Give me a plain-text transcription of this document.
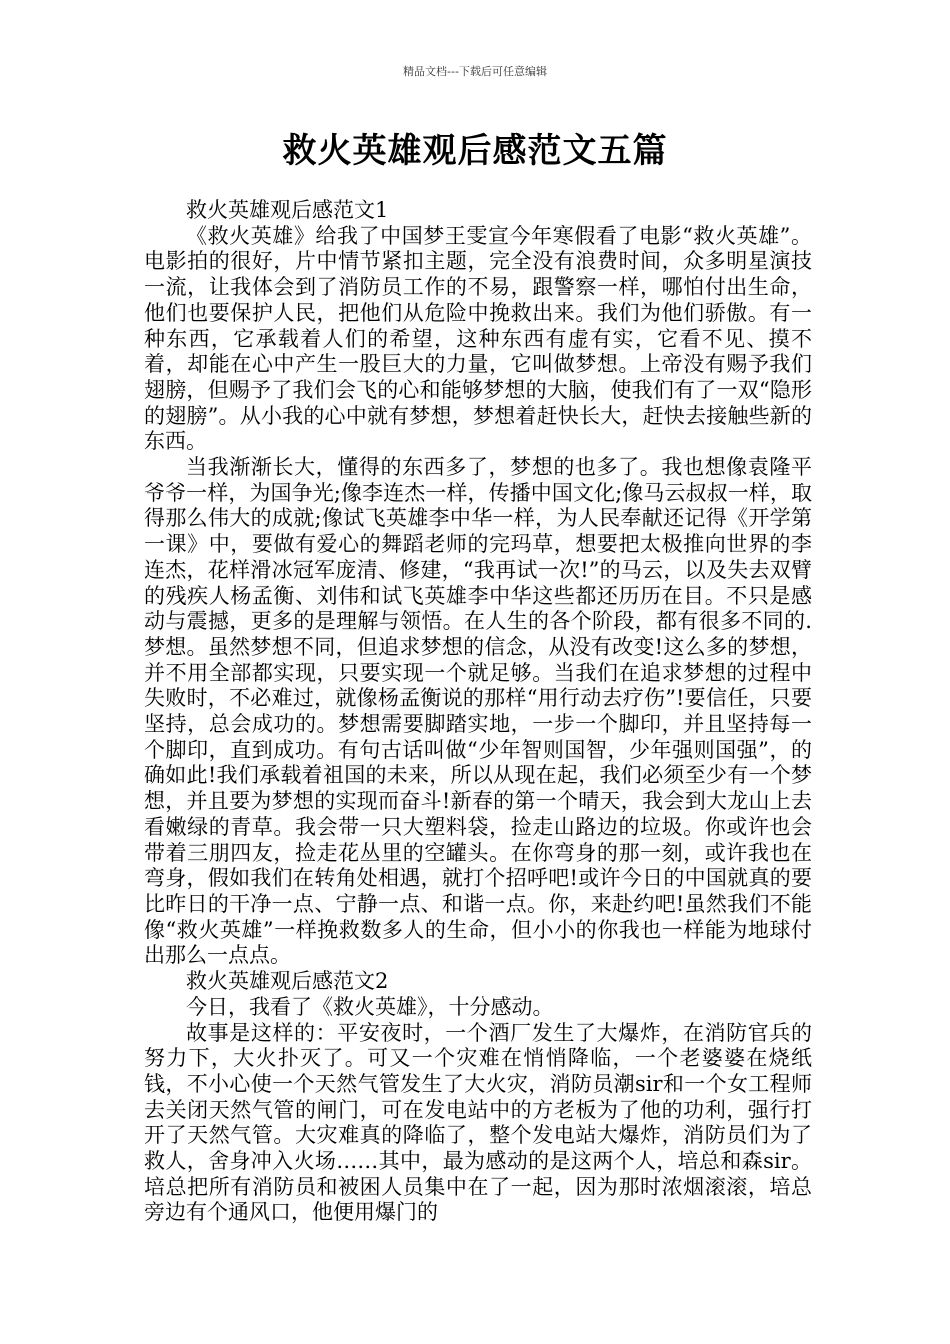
精品文档---下载后可任意编辑
救火英雄观后感范文五篇

救火英雄观后感范文1

《救火英雄》给我了中国梦王雯宣今年寒假看了电影“救火英雄”。电影拍的很好，片中情节紧扣主题，完全没有浪费时间，众多明星演技一流，让我体会到了消防员工作的不易，跟警察一样，哪怕付出生命，他们也要保护人民，把他们从危险中挽救出来。我们为他们骄傲。有一种东西，它承载着人们的希望，这种东西有虚有实，它看不见、摸不着，却能在心中产生一股巨大的力量，它叫做梦想。上帝没有赐予我们翅膀，但赐予了我们会飞的心和能够梦想的大脑，使我们有了一双“隐形的翅膀”。从小我的心中就有梦想，梦想着赶快长大，赶快去接触些新的东西。

当我渐渐长大，懂得的东西多了，梦想的也多了。我也想像袁隆平爷爷一样，为国争光;像李连杰一样，传播中国文化;像马云叔叔一样，取得那么伟大的成就;像试飞英雄李中华一样，为人民奉献还记得《开学第一课》中，要做有爱心的舞蹈老师的完玛草，想要把太极推向世界的李连杰，花样滑冰冠军庞清、修建，“我再试一次!”的马云，以及失去双臂的残疾人杨孟衡、刘伟和试飞英雄李中华这些都还历历在目。不只是感动与震撼，更多的是理解与领悟。在人生的各个阶段，都有很多不同的.梦想。虽然梦想不同，但追求梦想的信念，从没有改变!这么多的梦想，并不用全部都实现，只要实现一个就足够。当我们在追求梦想的过程中失败时，不必难过，就像杨孟衡说的那样“用行动去疗伤”!要信任，只要坚持，总会成功的。梦想需要脚踏实地，一步一个脚印，并且坚持每一个脚印，直到成功。有句古话叫做“少年智则国智，少年强则国强”，的确如此!我们承载着祖国的未来，所以从现在起，我们必须至少有一个梦想，并且要为梦想的实现而奋斗!新春的第一个晴天，我会到大龙山上去看嫩绿的青草。我会带一只大塑料袋，捡走山路边的垃圾。你或许也会带着三朋四友，捡走花丛里的空罐头。在你弯身的那一刻，或许我也在弯身，假如我们在转角处相遇，就打个招呼吧!或许今日的中国就真的要比昨日的干净一点、宁静一点、和谐一点。你，来赴约吧!虽然我们不能像“救火英雄”一样挽救数多人的生命，但小小的你我也一样能为地球付出那么一点点。

救火英雄观后感范文2

今日，我看了《救火英雄》，十分感动。

故事是这样的：平安夜时，一个酒厂发生了大爆炸，在消防官兵的努力下，大火扑灭了。可又一个灾难在悄悄降临，一个老婆婆在烧纸钱，不小心使一个天然气管发生了大火灾，消防员潮sir和一个女工程师去关闭天然气管的闸门，可在发电站中的方老板为了他的功利，强行打开了天然气管。大灾难真的降临了，整个发电站大爆炸，消防员们为了救人，舍身冲入火场……其中，最为感动的是这两个人，培总和森sir。培总把所有消防员和被困人员集中在了一起，因为那时浓烟滚滚，培总旁边有个通风口，他便用爆门的
